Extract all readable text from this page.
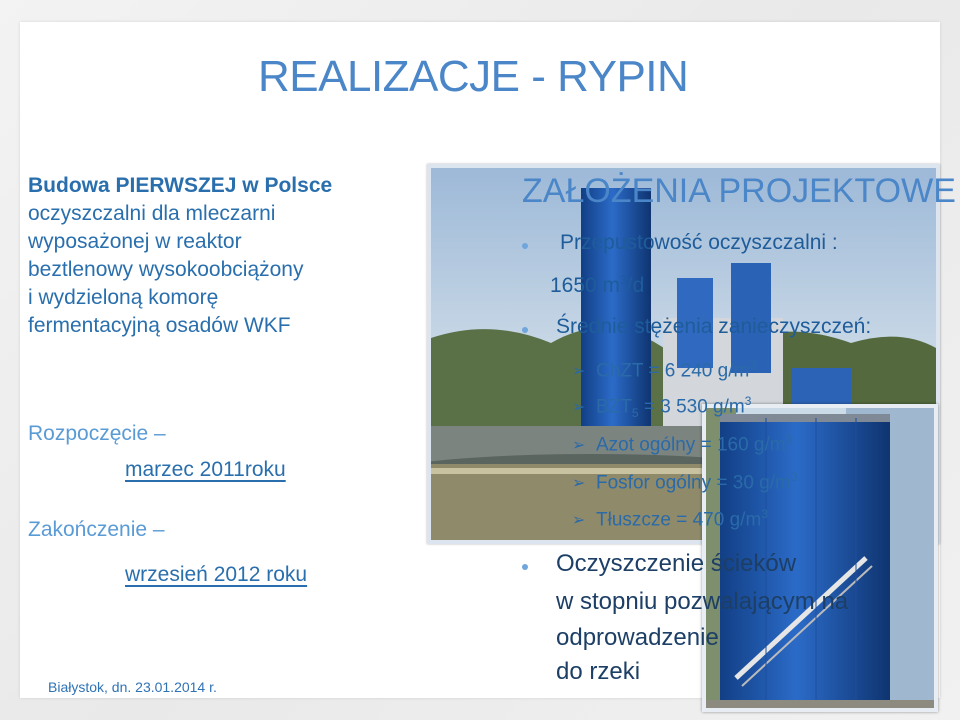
REALIZACJE - RYPIN

Budowa PIERWSZEJ w Polsce

oczyszczalni dla mleczarni

wyposażonej w reaktor

beztlenowy wysokoobciążony

i wydzieloną komorę

fermentacyjną osadów WKF

Rozpoczęcie –

marzec 2011roku

Zakończenie –

wrzesień 2012 roku

Białystok, dn. 23.01.2014 r.

ZAŁOŻENIA PROJEKTOWE

Przepustowość oczyszczalni :

1650 $m^3/d$

Średnie stężenia zanieczyszczeń:

➢ ChZT = 6 240 $g/m^3$

➢ $BZT_5 = 3$ 530 $g/m^3$

➢ Azot ogólny = 160 $g/m^3$

➢ Fosfor ogólny = 30 $g/m^3$

➢ Tłuszcze = 470 $g/m^3$

Oczyszczenie ścieków

w stopniu pozwalającym na

odprowadzenie

do rzeki
